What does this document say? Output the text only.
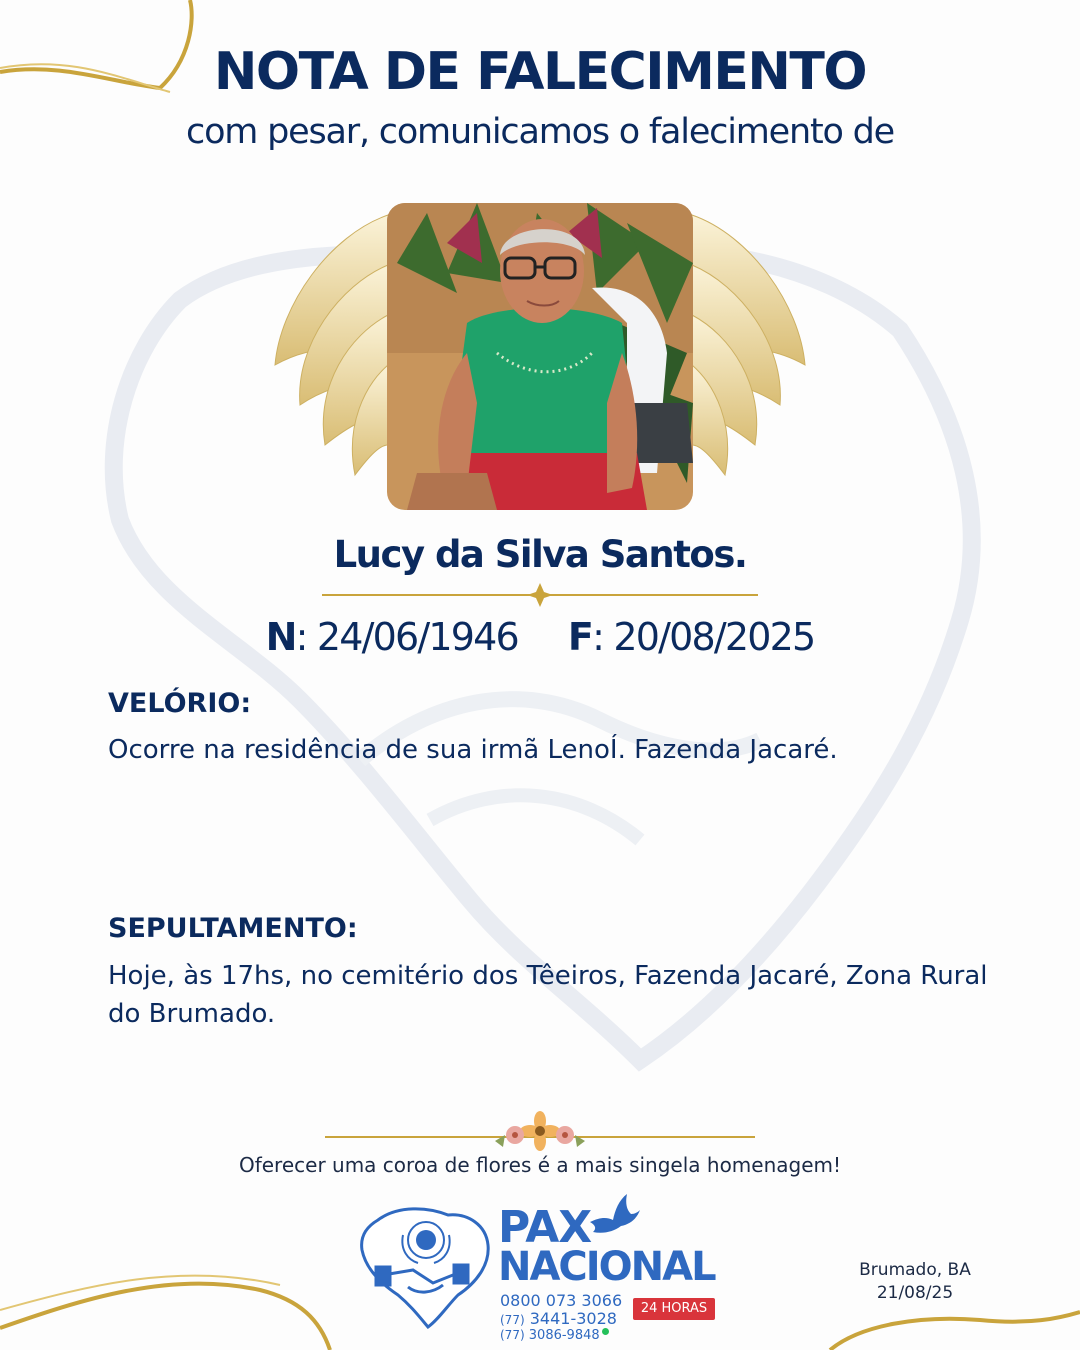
NOTA DE FALECIMENTO

com pesar, comunicamos o falecimento de

Lucy da Silva Santos.
N: 24/06/1946 F: 20/08/2025
VELÓRIO:
Ocorre na residência de sua irmã LenoÍ. Fazenda Jacaré.
SEPULTAMENTO:
Hoje, às 17hs, no cemitério dos Têeiros, Fazenda Jacaré, Zona Rural do Brumado.
Oferecer uma coroa de flores é a mais singela homenagem!
PAX
NACIONAL
0800 073 3066
(77) 3441-3028
(77) 3086-9848
24 HORAS
Brumado, BA
21/08/25
